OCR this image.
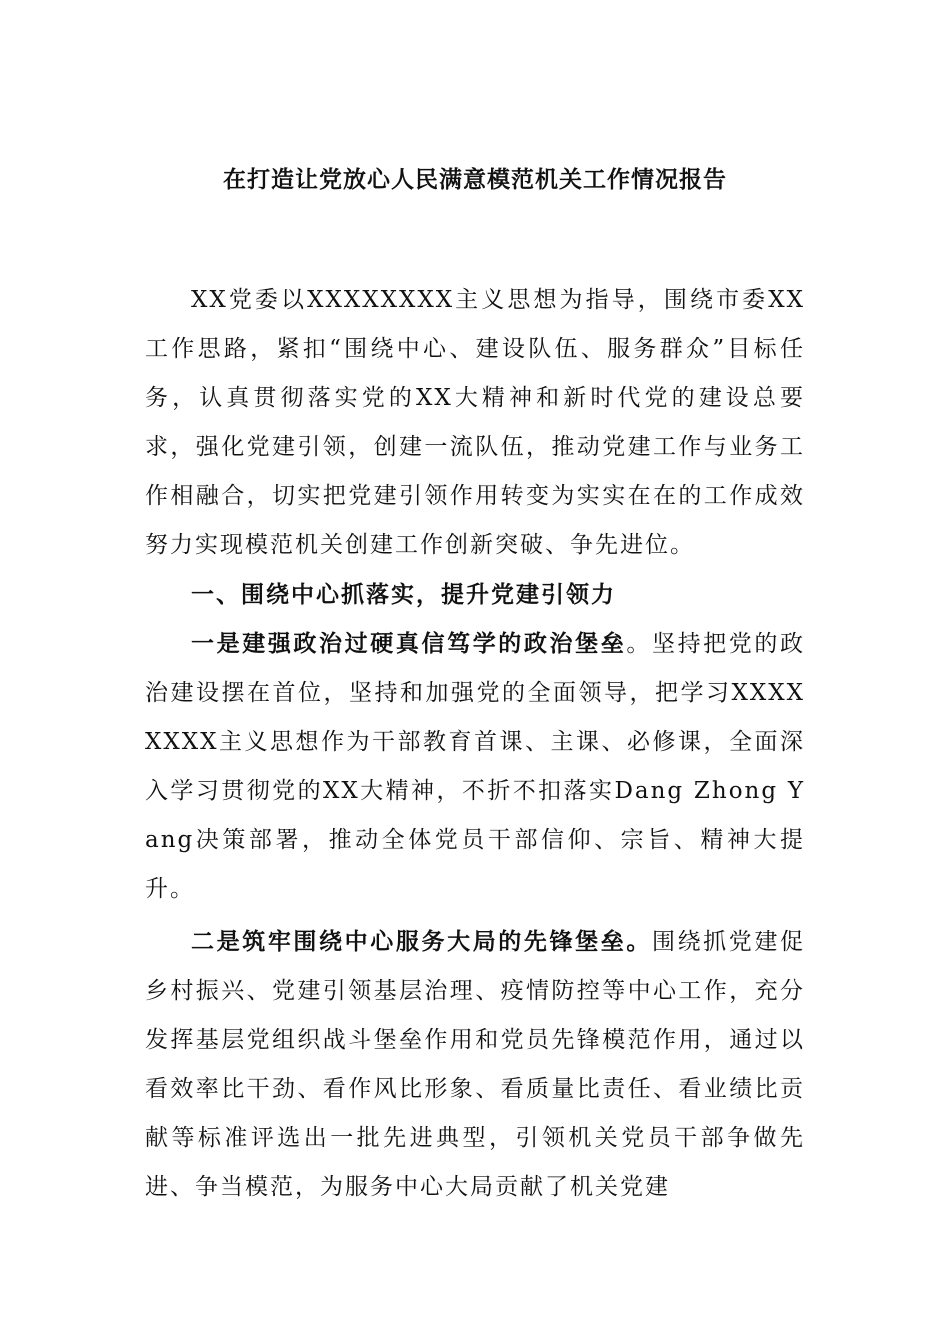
在打造让党放心人民满意模范机关工作情况报告

XX党委以XXXXXXXX主义思想为指导，围绕市委XX工作思路，紧扣“围绕中心、建设队伍、服务群众”目标任务，认真贯彻落实党的XX大精神和新时代党的建设总要求，强化党建引领，创建一流队伍，推动党建工作与业务工作相融合，切实把党建引领作用转变为实实在在的工作成效努力实现模范机关创建工作创新突破、争先进位。

一、围绕中心抓落实，提升党建引领力

一是建强政治过硬真信笃学的政治堡垒。坚持把党的政治建设摆在首位，坚持和加强党的全面领导，把学习XXXXXXXX主义思想作为干部教育首课、主课、必修课，全面深入学习贯彻党的XX大精神，不折不扣落实Dang Zhong Yang决策部署，推动全体党员干部信仰、宗旨、精神大提升。

二是筑牢围绕中心服务大局的先锋堡垒。围绕抓党建促乡村振兴、党建引领基层治理、疫情防控等中心工作，充分发挥基层党组织战斗堡垒作用和党员先锋模范作用，通过以看效率比干劲、看作风比形象、看质量比责任、看业绩比贡献等标准评选出一批先进典型，引领机关党员干部争做先进、争当模范，为服务中心大局贡献了机关党建
